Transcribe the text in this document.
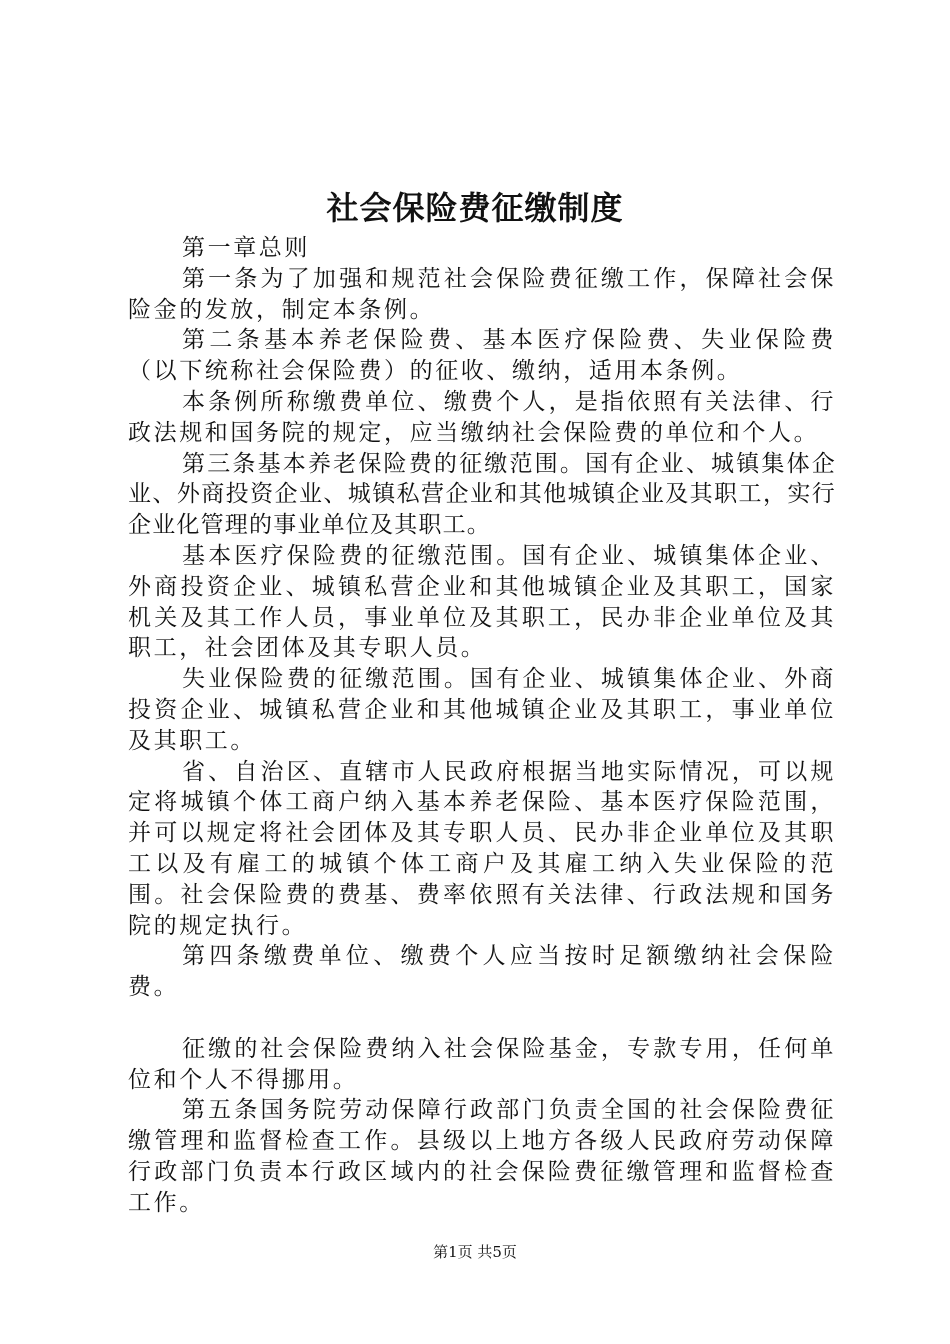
社会保险费征缴制度

第一章总则

第一条为了加强和规范社会保险费征缴工作，保障社会保险金的发放，制定本条例。

第二条基本养老保险费、基本医疗保险费、失业保险费（以下统称社会保险费）的征收、缴纳，适用本条例。

本条例所称缴费单位、缴费个人，是指依照有关法律、行政法规和国务院的规定，应当缴纳社会保险费的单位和个人。

第三条基本养老保险费的征缴范围。国有企业、城镇集体企业、外商投资企业、城镇私营企业和其他城镇企业及其职工，实行企业化管理的事业单位及其职工。

基本医疗保险费的征缴范围。国有企业、城镇集体企业、外商投资企业、城镇私营企业和其他城镇企业及其职工，国家机关及其工作人员，事业单位及其职工，民办非企业单位及其职工，社会团体及其专职人员。

失业保险费的征缴范围。国有企业、城镇集体企业、外商投资企业、城镇私营企业和其他城镇企业及其职工，事业单位及其职工。

省、自治区、直辖市人民政府根据当地实际情况，可以规定将城镇个体工商户纳入基本养老保险、基本医疗保险范围，并可以规定将社会团体及其专职人员、民办非企业单位及其职工以及有雇工的城镇个体工商户及其雇工纳入失业保险的范围。社会保险费的费基、费率依照有关法律、行政法规和国务院的规定执行。

第四条缴费单位、缴费个人应当按时足额缴纳社会保险费。

征缴的社会保险费纳入社会保险基金，专款专用，任何单位和个人不得挪用。

第五条国务院劳动保障行政部门负责全国的社会保险费征缴管理和监督检查工作。县级以上地方各级人民政府劳动保障行政部门负责本行政区域内的社会保险费征缴管理和监督检查工作。

第1页 共5页
